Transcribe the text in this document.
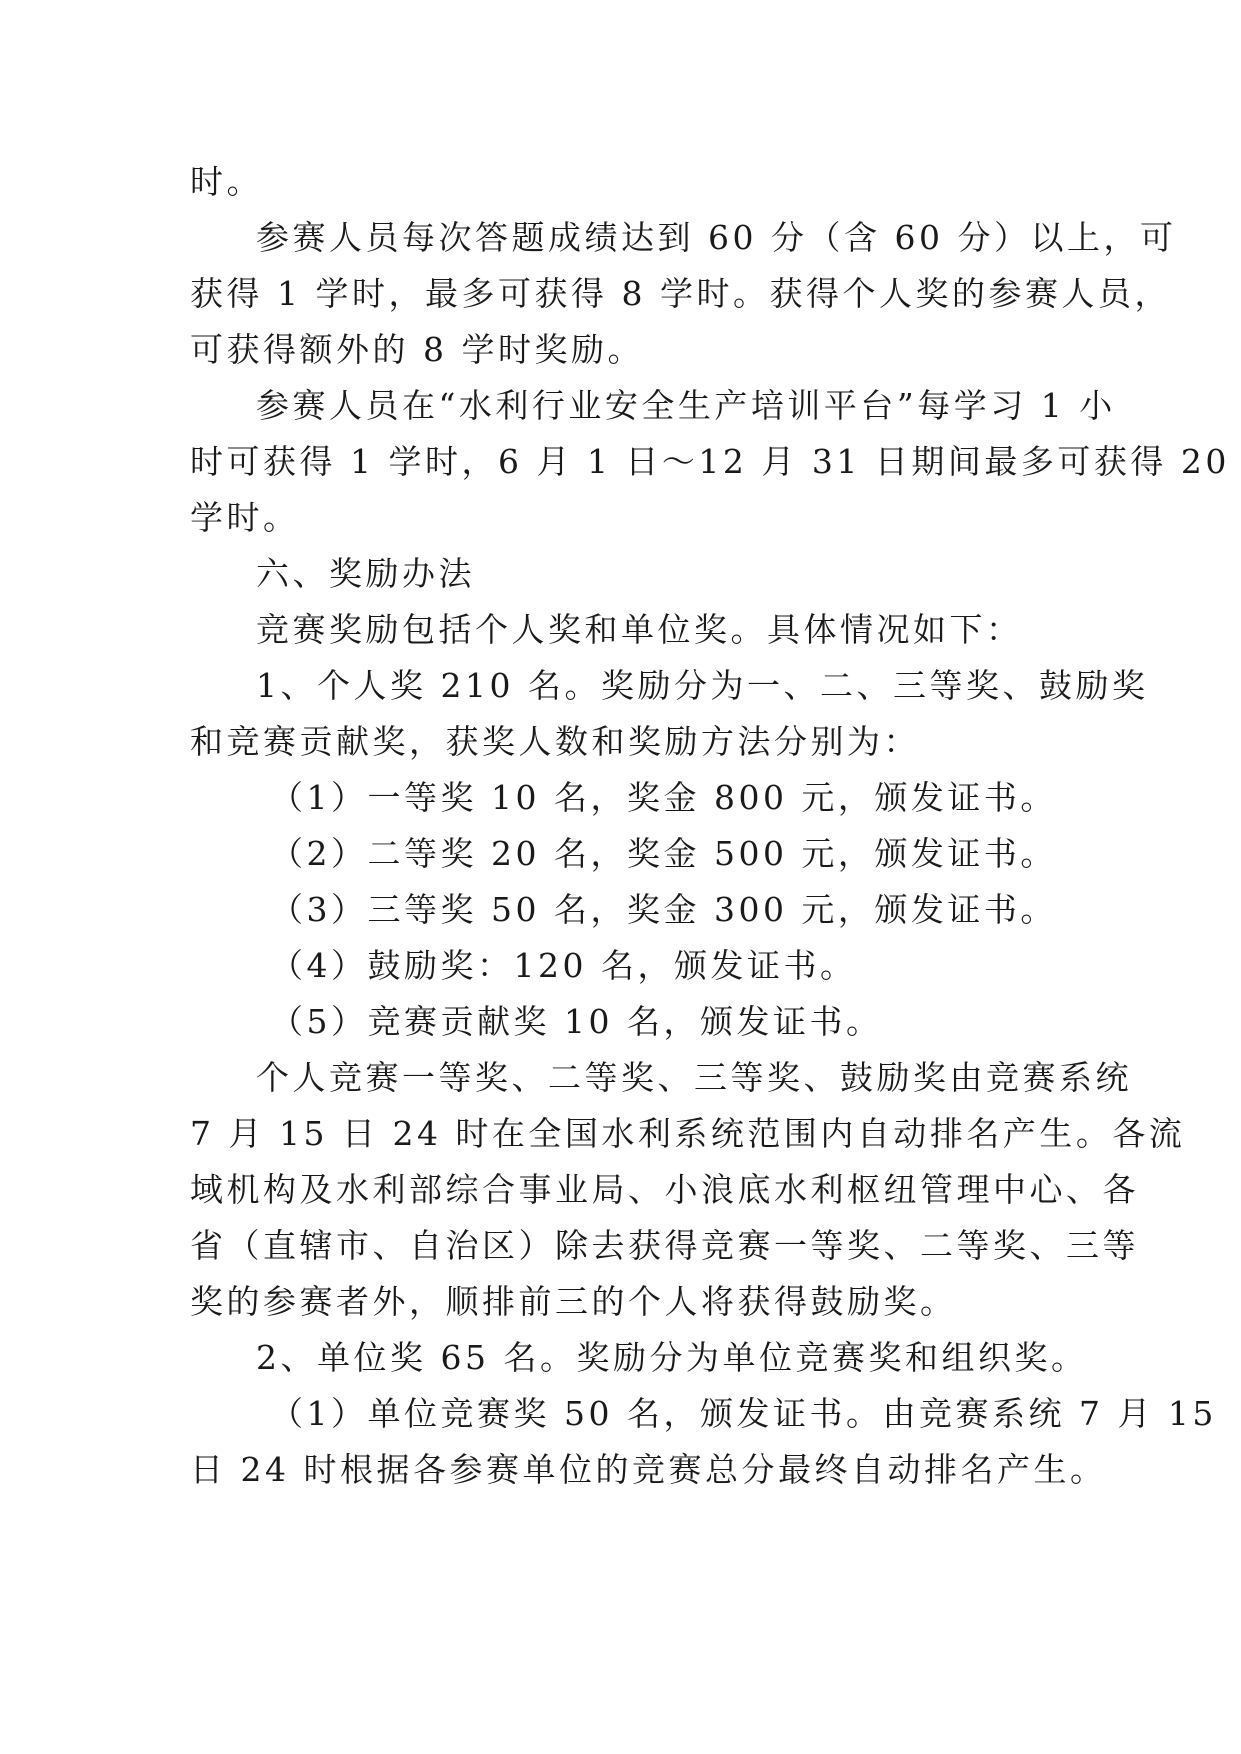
时。
参赛人员每次答题成绩达到 60 分（含 60 分）以上，可
获得 1 学时，最多可获得 8 学时。获得个人奖的参赛人员，
可获得额外的 8 学时奖励。
参赛人员在“水利行业安全生产培训平台”每学习 1 小
时可获得 1 学时，6 月 1 日～12 月 31 日期间最多可获得 20
学时。
六、奖励办法
竞赛奖励包括个人奖和单位奖。具体情况如下：
1、个人奖 210 名。奖励分为一、二、三等奖、鼓励奖
和竞赛贡献奖，获奖人数和奖励方法分别为：
（1）一等奖 10 名，奖金 800 元，颁发证书。
（2）二等奖 20 名，奖金 500 元，颁发证书。
（3）三等奖 50 名，奖金 300 元，颁发证书。
（4）鼓励奖：120 名，颁发证书。
（5）竞赛贡献奖 10 名，颁发证书。
个人竞赛一等奖、二等奖、三等奖、鼓励奖由竞赛系统
7 月 15 日 24 时在全国水利系统范围内自动排名产生。各流
域机构及水利部综合事业局、小浪底水利枢纽管理中心、各
省（直辖市、自治区）除去获得竞赛一等奖、二等奖、三等
奖的参赛者外，顺排前三的个人将获得鼓励奖。
2、单位奖 65 名。奖励分为单位竞赛奖和组织奖。
（1）单位竞赛奖 50 名，颁发证书。由竞赛系统 7 月 15
日 24 时根据各参赛单位的竞赛总分最终自动排名产生。
